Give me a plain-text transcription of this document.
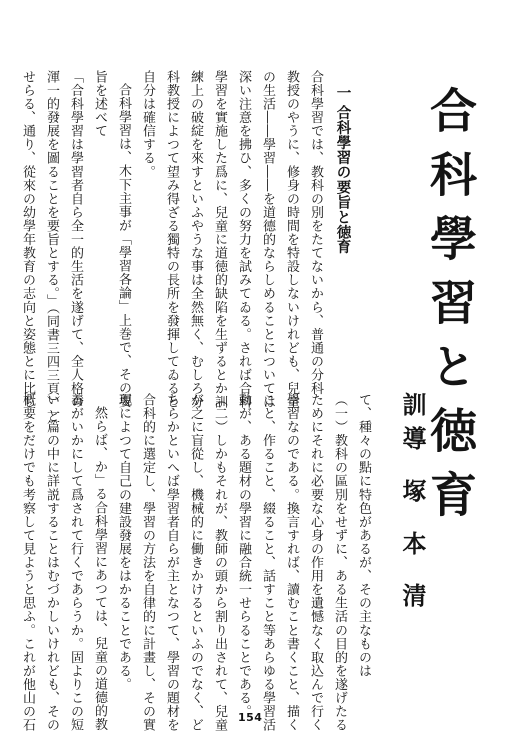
合科學習と徳育
訓導 塚 本 清
一 合科學習の要旨と徳育
合科學習では、教科の別をたてないから、普通の分科
教授のやうに、修身の時間を特設しないけれども、兒童
の生活――學習――を道德的ならしめることについては
深い注意を拂ひ、多くの努力を試みてゐる。されば合科
學習を實施した爲に、兒童に道徳的缺陷を生ずるとか訓
練上の破綻を來すといふやうな事は全然無く、むしろ分
科教授によつて望み得ざる獨特の長所を發揮してゐると
自分は確信する。
合科學習は、木下主事が「學習各論」上巻で、その要
旨を述べて
「合科學習は學習者自ら全一的生活を遂げて、全人格の
渾一的發展を圖ることを要旨とする。」（同書三四三頁）と
せらる、通り、從來の幼學年教育の志向と姿態とに比し
て、種々の點に特色があるが、その主なものは
（一）教科の區別をせずに、ある生活の目的を遂げたる
ためにそれに必要な心身の作用を遺憾なく取込んで行く
學習なのである。換言すれば、讀むこと書くこと、描く
こと、作ること、綴ること、話すこと等あらゆる學習活
動が、ある題材の學習に融合統一せらることである。
（二）しかもそれが、教師の頭から割り出されて、兒童
が之に盲從し、機械的に働きかけるといふのでなく、ど
ちらかといへば學習者自らが主となつて、學習の題材を
合科的に選定し、學習の方法を自律的に計畫し、その實
現によつて自己の建設發展をはかることである。
然らば、か」る合科學習にあつては、兒童の道德的教
養がいかにして爲されて行くであらうか。固よりこの短
い一篇の中に詳説することはむづかしいけれども、その
概要をだけでも考察して見ようと思ふ。これが他山の石	154
